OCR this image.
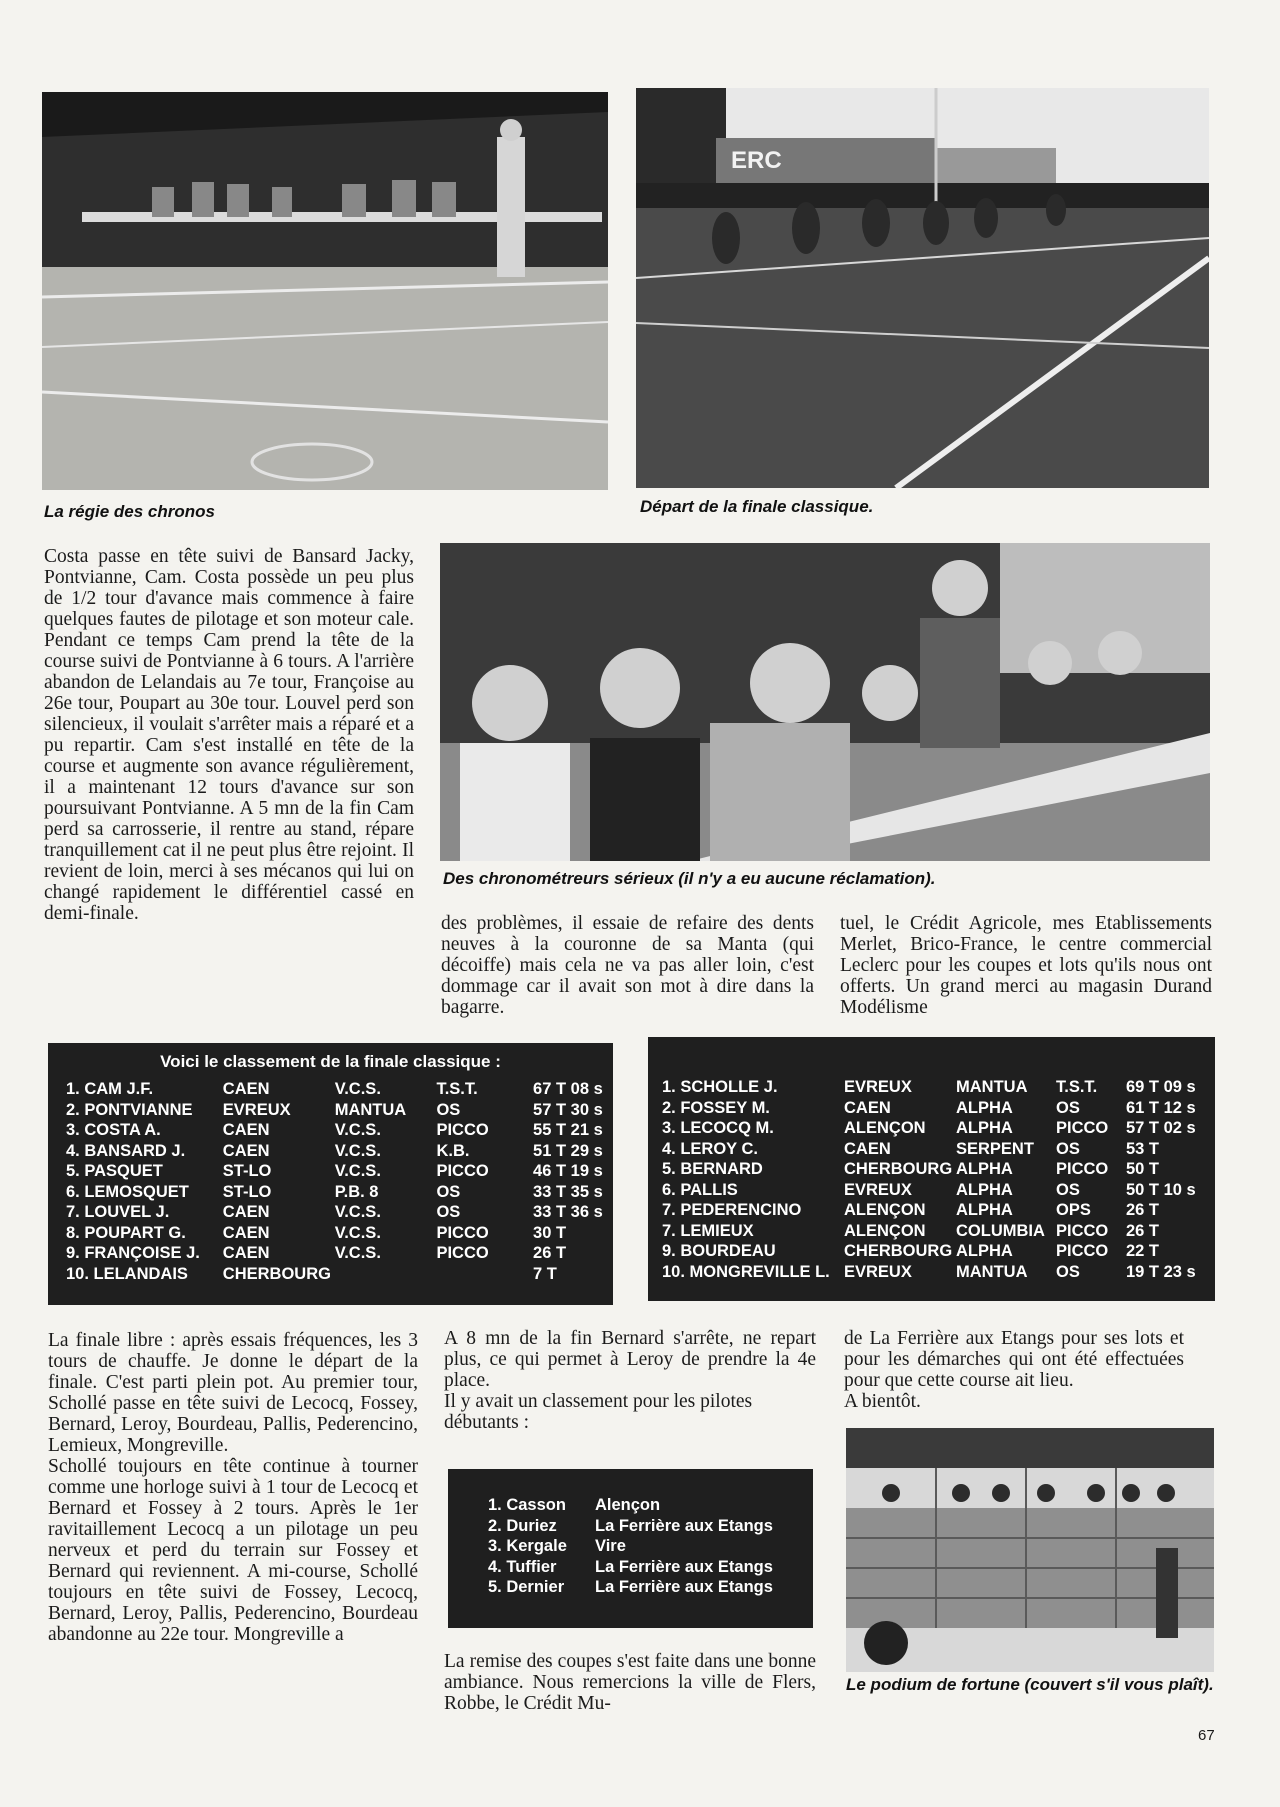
La régie des chronos
ERC
Départ de la finale classique.
Des chronométreurs sérieux (il n'y a eu aucune réclamation).

Costa passe en tête suivi de Bansard Jacky, Pontvianne, Cam. Costa possède un peu plus de 1/2 tour d'avance mais commence à faire quelques fautes de pilotage et son moteur cale. Pendant ce temps Cam prend la tête de la course suivi de Pontvianne à 6 tours. A l'arrière abandon de Lelandais au 7e tour, Françoise au 26e tour, Poupart au 30e tour. Louvel perd son silencieux, il voulait s'arrêter mais a réparé et a pu repartir. Cam s'est installé en tête de la course et augmente son avance régulièrement, il a maintenant 12 tours d'avance sur son poursuivant Pontvianne. A 5 mn de la fin Cam perd sa carrosserie, il rentre au stand, répare tranquillement cat il ne peut plus être rejoint. Il revient de loin, merci à ses mécanos qui lui on changé rapidement le différentiel cassé en demi-finale.	des problèmes, il essaie de refaire des dents neuves à la couronne de sa Manta (qui décoiffe) mais cela ne va pas aller loin, c'est dommage car il avait son mot à dire dans la bagarre.

tuel, le Crédit Agricole, mes Etablissements Merlet, Brico-France, le centre commercial Leclerc pour les coupes et lots qu'ils nous ont offerts. Un grand merci au magasin Durand Modélisme

Voici le classement de la finale classique :
1. CAM J.F.	CAEN	V.C.S.	T.S.T.	67 T 08 s
2. PONTVIANNE	EVREUX	MANTUA	OS	57 T 30 s
3. COSTA A.	CAEN	V.C.S.	PICCO	55 T 21 s
4. BANSARD J.	CAEN	V.C.S.	K.B.	51 T 29 s
5. PASQUET	ST-LO	V.C.S.	PICCO	46 T 19 s
6. LEMOSQUET	ST-LO	P.B. 8	OS	33 T 35 s
7. LOUVEL J.	CAEN	V.C.S.	OS	33 T 36 s
8. POUPART G.	CAEN	V.C.S.	PICCO	30 T
9. FRANÇOISE J.	CAEN	V.C.S.	PICCO	26 T
10. LELANDAIS	CHERBOURG			7 T
1. SCHOLLE J.	EVREUX	MANTUA	T.S.T.	69 T 09 s
2. FOSSEY M.	CAEN	ALPHA	OS	61 T 12 s
3. LECOCQ M.	ALENÇON	ALPHA	PICCO	57 T 02 s
4. LEROY C.	CAEN	SERPENT	OS	53 T
5. BERNARD	CHERBOURG	ALPHA	PICCO	50 T
6. PALLIS	EVREUX	ALPHA	OS	50 T 10 s
7. PEDERENCINO	ALENÇON	ALPHA	OPS	26 T
7. LEMIEUX	ALENÇON	COLUMBIA	PICCO	26 T
9. BOURDEAU	CHERBOURG	ALPHA	PICCO	22 T
10. MONGREVILLE L.	EVREUX	MANTUA	OS	19 T 23 s

La finale libre : après essais fréquences, les 3 tours de chauffe. Je donne le départ de la finale. C'est parti plein pot. Au premier tour, Schollé passe en tête suivi de Lecocq, Fossey, Bernard, Leroy, Bourdeau, Pallis, Pederencino, Lemieux, Mongreville.

Schollé toujours en tête continue à tourner comme une horloge suivi à 1 tour de Lecocq et Bernard et Fossey à 2 tours. Après le 1er ravitaillement Lecocq a un pilotage un peu nerveux et perd du terrain sur Fossey et Bernard qui reviennent. A mi-course, Schollé toujours en tête suivi de Fossey, Lecocq, Bernard, Leroy, Pallis, Pederencino, Bourdeau abandonne au 22e tour. Mongreville a

A 8 mn de la fin Bernard s'arrête, ne repart plus, ce qui permet à Leroy de prendre la 4e place.

Il y avait un classement pour les pilotes débutants :

1. Casson	Alençon
2. Duriez	La Ferrière aux Etangs
3. Kergale	Vire
4. Tuffier	La Ferrière aux Etangs
5. Dernier	La Ferrière aux Etangs

La remise des coupes s'est faite dans une bonne ambiance. Nous remercions la ville de Flers, Robbe, le Crédit Mu-

de La Ferrière aux Etangs pour ses lots et pour les démarches qui ont été effectuées pour que cette course ait lieu.

A bientôt.

Le podium de fortune (couvert s'il vous plaît).
67
